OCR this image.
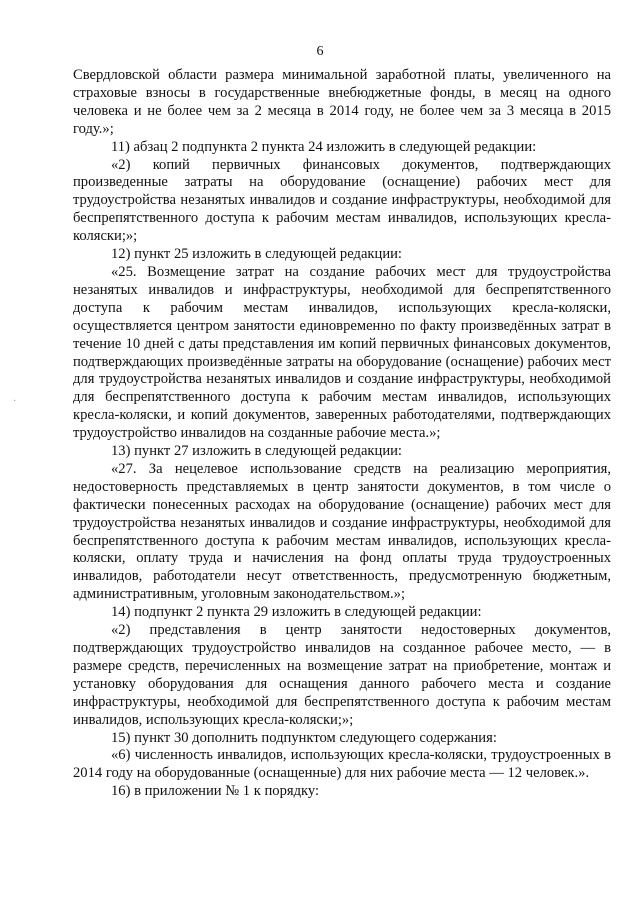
6
·

Свердловской области размера минимальной заработной платы, увеличенного на страховые взносы в государственные внебюджетные фонды, в месяц на одного человека и не более чем за 2 месяца в 2014 году, не более чем за 3 месяца в 2015 году.»;

11) абзац 2 подпункта 2 пункта 24 изложить в следующей редакции:

«2) копий первичных финансовых документов, подтверждающих произведенные затраты на оборудование (оснащение) рабочих мест для трудоустройства незанятых инвалидов и создание инфраструктуры, необходимой для беспрепятственного доступа к рабочим местам инвалидов, использующих кресла-коляски;»;

12) пункт 25 изложить в следующей редакции:

«25. Возмещение затрат на создание рабочих мест для трудоустройства незанятых инвалидов и инфраструктуры, необходимой для беспрепятственного доступа к рабочим местам инвалидов, использующих кресла-коляски, осуществляется центром занятости единовременно по факту произведённых затрат в течение 10 дней с даты представления им копий первичных финансовых документов, подтверждающих произведённые затраты на оборудование (оснащение) рабочих мест для трудоустройства незанятых инвалидов и создание инфраструктуры, необходимой для беспрепятственного доступа к рабочим местам инвалидов, использующих кресла-коляски, и копий документов, заверенных работодателями, подтверждающих трудоустройство инвалидов на созданные рабочие места.»;

13) пункт 27 изложить в следующей редакции:

«27. За нецелевое использование средств на реализацию мероприятия, недостоверность представляемых в центр занятости документов, в том числе о фактически понесенных расходах на оборудование (оснащение) рабочих мест для трудоустройства незанятых инвалидов и создание инфраструктуры, необходимой для беспрепятственного доступа к рабочим местам инвалидов, использующих кресла-коляски, оплату труда и начисления на фонд оплаты труда трудоустроенных инвалидов, работодатели несут ответственность, предусмотренную бюджетным, административным, уголовным законодательством.»;

14) подпункт 2 пункта 29 изложить в следующей редакции:

«2) представления в центр занятости недостоверных документов, подтверждающих трудоустройство инвалидов на созданное рабочее место, — в размере средств, перечисленных на возмещение затрат на приобретение, монтаж и установку оборудования для оснащения данного рабочего места и создание инфраструктуры, необходимой для беспрепятственного доступа к рабочим местам инвалидов, использующих кресла-коляски;»;

15) пункт 30 дополнить подпунктом следующего содержания:

«6) численность инвалидов, использующих кресла-коляски, трудоустроенных в 2014 году на оборудованные (оснащенные) для них рабочие места — 12 человек.».

16) в приложении № 1 к порядку:
